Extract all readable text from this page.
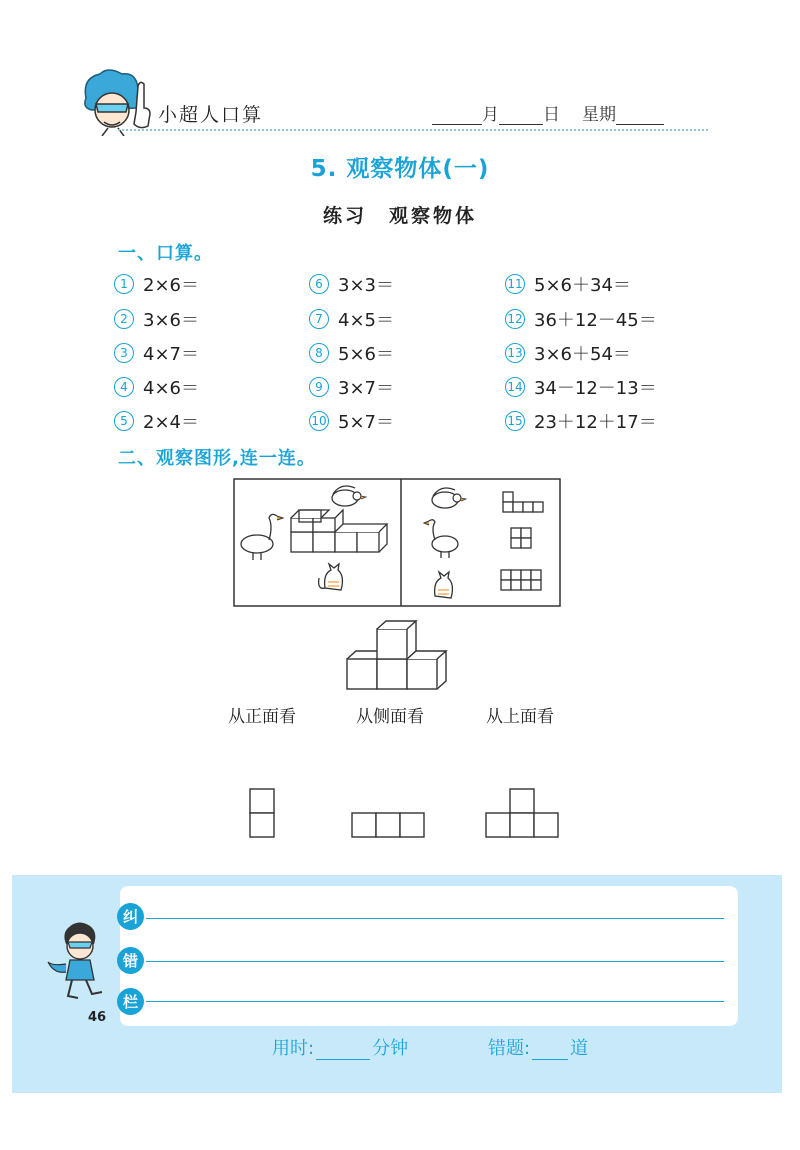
小超人口算	月	日 星期
5. 观察物体(一)
练习　观察物体
一、口算。
1 2×6＝
2 3×6＝
3 4×7＝
4 4×6＝
5 2×4＝
6 3×3＝
7 4×5＝
8 5×6＝
9 3×7＝
10 5×7＝
11 5×6＋34＝
12 36＋12－45＝
13 3×6＋54＝
14 34－12－13＝
15 23＋12＋17＝
二、观察图形,连一连。
从正面看	从侧面看	从上面看
纠
错
栏
46
用时:	分钟	错题: 道
